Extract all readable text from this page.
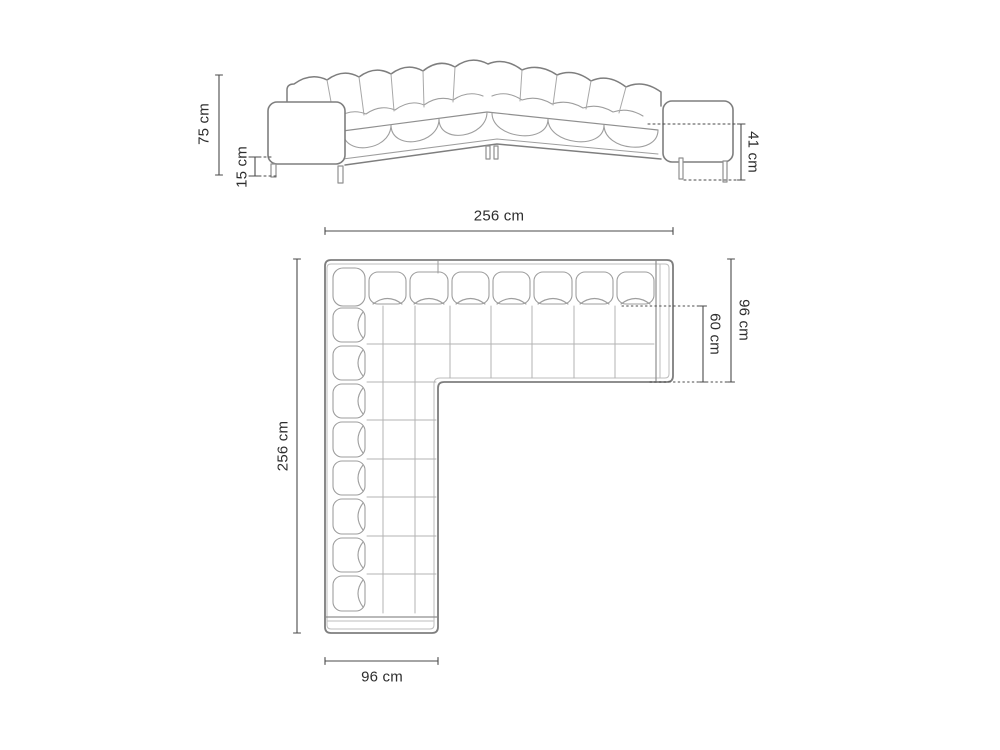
75 cm
15 cm	41 cm
256 cm
96 cm
60 cm
256 cm
96 cm
